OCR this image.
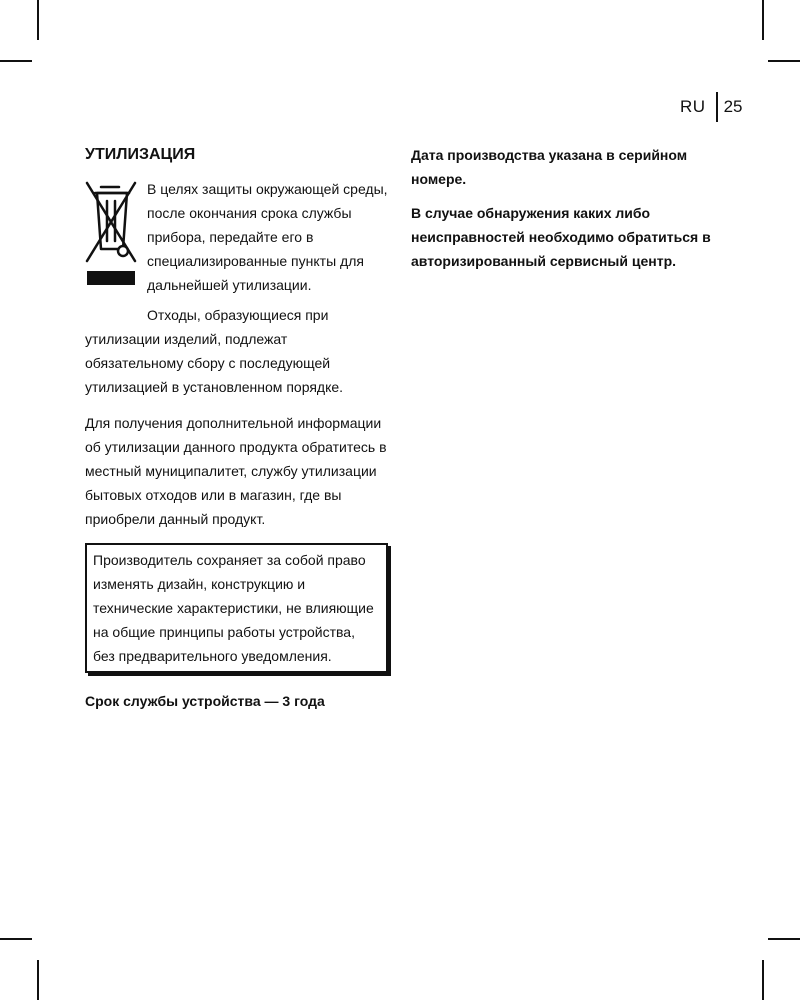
RU	25
УТИЛИЗАЦИЯ

В целях защиты окружающей среды, после окончания срока службы прибора, передайте его в специализированные пункты для дальнейшей утилизации.

Отходы, образующиеся при утилизации изделий, подлежат обязательному сбору с последующей утилизацией в установленном порядке.

Для получения дополнительной информации об утилизации данного продукта обратитесь в местный муниципалитет, службу утилизации бытовых отходов или в магазин, где вы приобрели данный продукт.

Производитель сохраняет за собой право изменять дизайн, конструкцию и технические характеристики, не влияющие на общие принципы работы устройства, без предварительного уведомления.

Срок службы устройства — 3 года

Дата производства указана в серийном номере.

В случае обнаружения каких либо неисправностей необходимо обратиться в авторизированный сервисный центр.
